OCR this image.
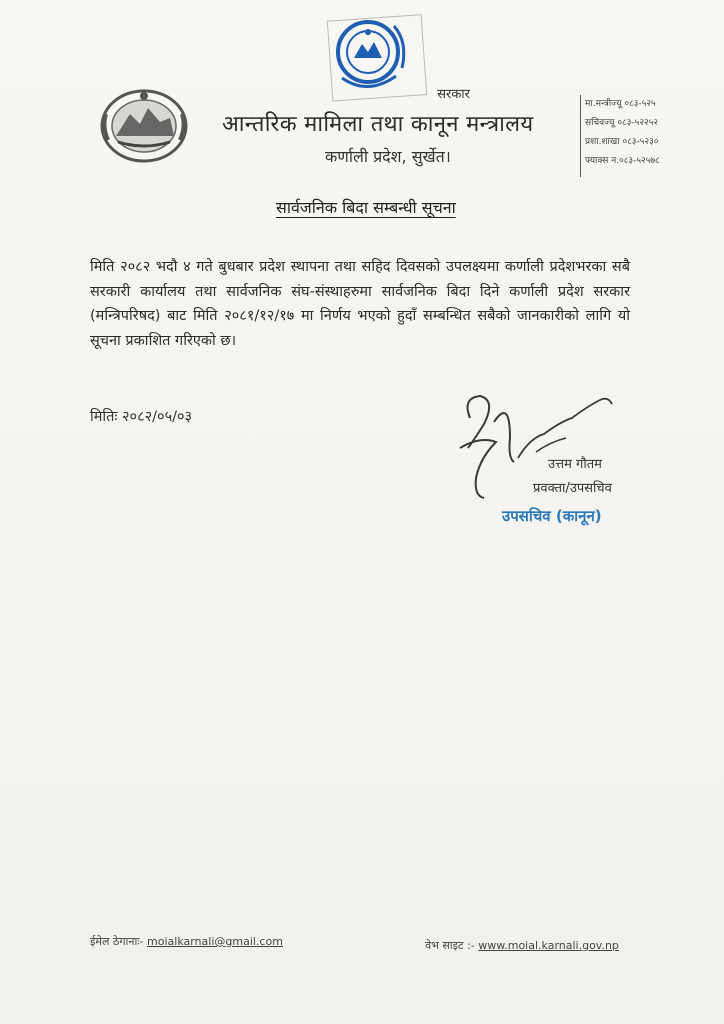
सरकार
आन्तरिक मामिला तथा कानून मन्त्रालय
कर्णाली प्रदेश, सुर्खेत।
मा.मन्त्रीज्यू ०८३-५२५
सचिवज्यू ०८३-५२२५२
प्रशा.शाखा ०८३-५२३०
फ्याक्स न.०८३-५२५७८
सार्वजनिक बिदा सम्बन्धी सूचना
मिति २०८२ भदौ ४ गते बुधबार प्रदेश स्थापना तथा सहिद दिवसको उपलक्ष्यमा कर्णाली प्रदेशभरका सबै सरकारी कार्यालय तथा सार्वजनिक संघ-संस्थाहरुमा सार्वजनिक बिदा दिने कर्णाली प्रदेश सरकार (मन्त्रिपरिषद) बाट मिति २०८१/१२/१७ मा निर्णय भएको हुदाँ सम्बन्धित सबैको जानकारीको लागि यो सूचना प्रकाशित गरिएको छ।
मितिः २०८२/०५/०३
उत्तम गौतम
प्रवक्ता/उपसचिव
उपसचिव (कानून)
ईमेल ठेगानाः- moialkarnali@gmail.com	वेभ साइट :- www.moial.karnali.gov.np
